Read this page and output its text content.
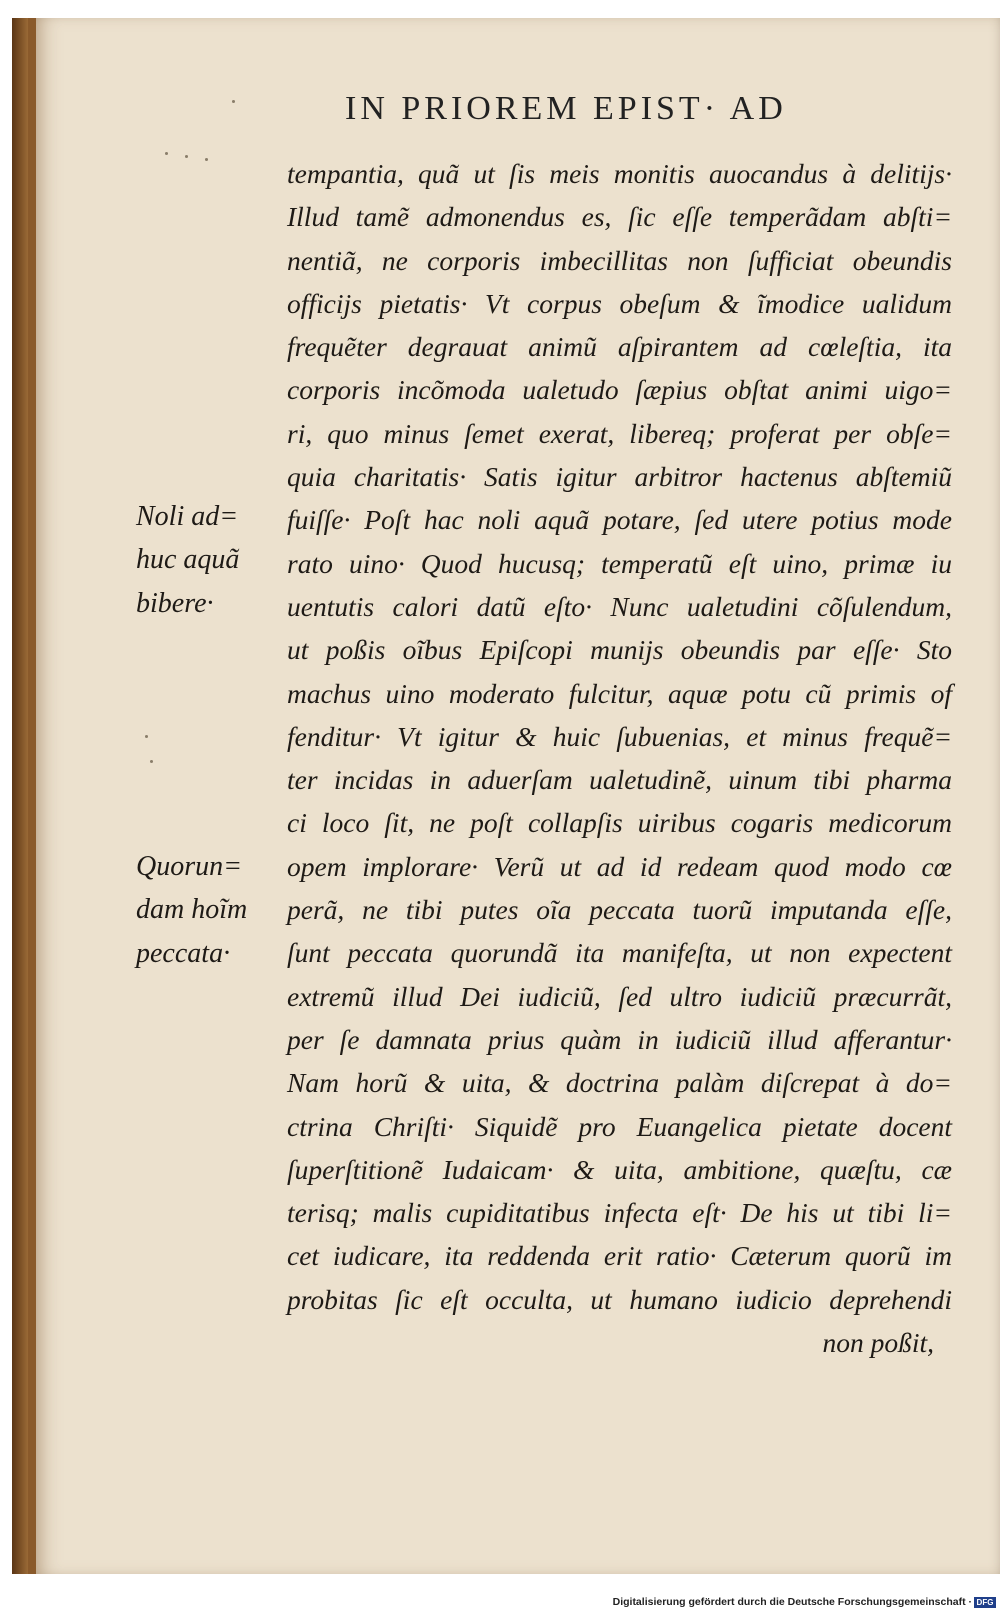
IN PRIOREM EPIST· AD
tempantia, quã ut ſis meis monitis auocandus à delitijs·
Illud tamẽ admonendus es, ſic eſſe temperãdam abſti=
nentiã, ne corporis imbecillitas non ſufficiat obeundis
officijs pietatis· Vt corpus obeſum & ĩmodice ualidum
frequẽter degrauat animũ aſpirantem ad cœleſtia, ita
corporis incõmoda ualetudo ſæpius obſtat animi uigo=
ri, quo minus ſemet exerat, libereq; proferat per obſe=
quia charitatis· Satis igitur arbitror hactenus abſtemiũ
fuiſſe· Poſt hac noli aquã potare, ſed utere potius mode
rato uino· Quod hucusq; temperatũ eſt uino, primæ iu
uentutis calori datũ eſto· Nunc ualetudini cõſulendum,
ut poßis oĩbus Epiſcopi munijs obeundis par eſſe· Sto
machus uino moderato fulcitur, aquæ potu cũ primis of
fenditur· Vt igitur & huic ſubuenias, et minus frequẽ=
ter incidas in aduerſam ualetudinẽ, uinum tibi pharma
ci loco ſit, ne poſt collapſis uiribus cogaris medicorum
opem implorare· Verũ ut ad id redeam quod modo cœ
perã, ne tibi putes oĩa peccata tuorũ imputanda eſſe,
ſunt peccata quorundã ita manifeſta, ut non expectent
extremũ illud Dei iudiciũ, ſed ultro iudiciũ præcurrãt,
per ſe damnata prius quàm in iudiciũ illud afferantur·
Nam horũ & uita, & doctrina palàm diſcrepat à do=
ctrina Chriſti· Siquidẽ pro Euangelica pietate docent
ſuperſtitionẽ Iudaicam· & uita, ambitione, quæſtu, cæ
terisq; malis cupiditatibus infecta eſt· De his ut tibi li=
cet iudicare, ita reddenda erit ratio· Cæterum quorũ im
probitas ſic eſt occulta, ut humano iudicio deprehendi
non poßit,
Noli ad=
huc aquã
bibere·
Quorun=
dam hoĩm
peccata·
Digitalisierung gefördert durch die Deutsche Forschungsgemeinschaft · DFG
